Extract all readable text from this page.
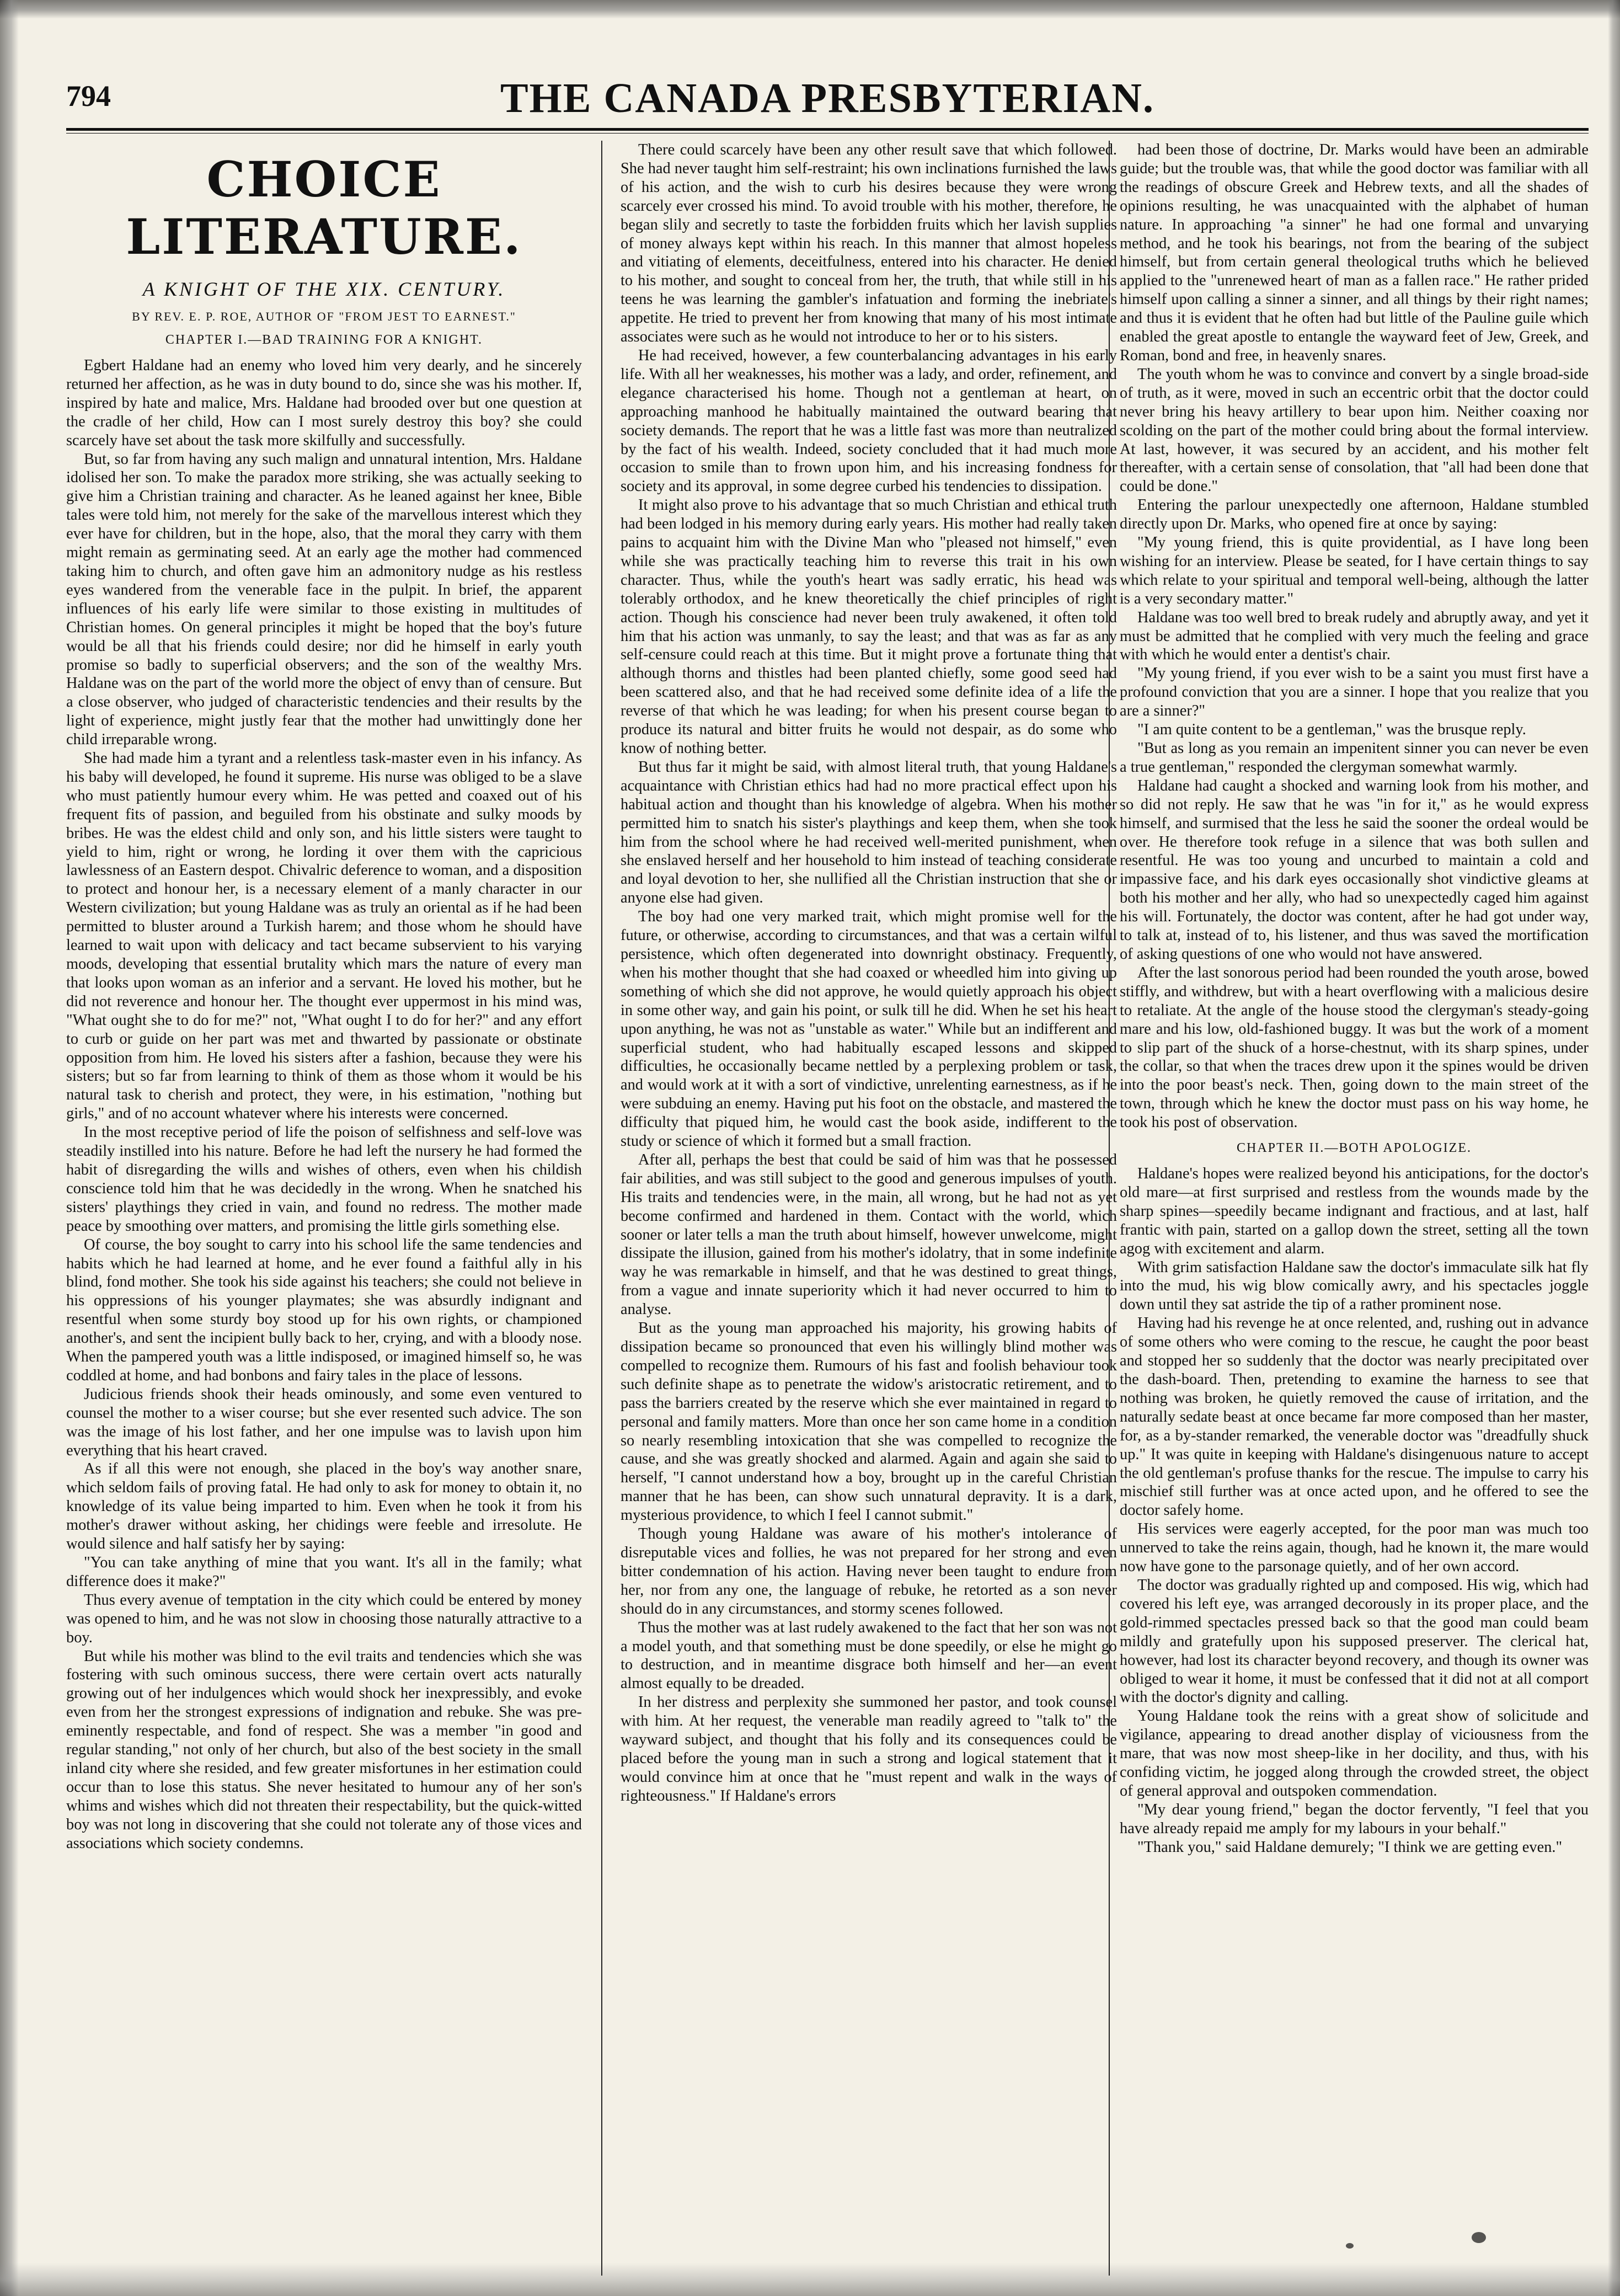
794	THE CANADA PRESBYTERIAN.
CHOICE LITERATURE.
A KNIGHT OF THE XIX. CENTURY.
BY REV. E. P. ROE, AUTHOR OF "FROM JEST TO EARNEST."
CHAPTER I.—BAD TRAINING FOR A KNIGHT.

Egbert Haldane had an enemy who loved him very dearly, and he sincerely returned her affection, as he was in duty bound to do, since she was his mother. If, inspired by hate and malice, Mrs. Haldane had brooded over but one question at the cradle of her child, How can I most surely destroy this boy? she could scarcely have set about the task more skilfully and successfully.

But, so far from having any such malign and unnatural intention, Mrs. Haldane idolised her son. To make the paradox more striking, she was actually seeking to give him a Christian training and character. As he leaned against her knee, Bible tales were told him, not merely for the sake of the marvellous interest which they ever have for children, but in the hope, also, that the moral they carry with them might remain as germinating seed. At an early age the mother had commenced taking him to church, and often gave him an admonitory nudge as his restless eyes wandered from the venerable face in the pulpit. In brief, the apparent influences of his early life were similar to those existing in multitudes of Christian homes. On general principles it might be hoped that the boy's future would be all that his friends could desire; nor did he himself in early youth promise so badly to superficial observers; and the son of the wealthy Mrs. Haldane was on the part of the world more the object of envy than of censure. But a close observer, who judged of characteristic tendencies and their results by the light of experience, might justly fear that the mother had unwittingly done her child irreparable wrong.

She had made him a tyrant and a relentless task-master even in his infancy. As his baby will developed, he found it supreme. His nurse was obliged to be a slave who must patiently humour every whim. He was petted and coaxed out of his frequent fits of passion, and beguiled from his obstinate and sulky moods by bribes. He was the eldest child and only son, and his little sisters were taught to yield to him, right or wrong, he lording it over them with the capricious lawlessness of an Eastern despot. Chivalric deference to woman, and a disposition to protect and honour her, is a necessary element of a manly character in our Western civilization; but young Haldane was as truly an oriental as if he had been permitted to bluster around a Turkish harem; and those whom he should have learned to wait upon with delicacy and tact became subservient to his varying moods, developing that essential brutality which mars the nature of every man that looks upon woman as an inferior and a servant. He loved his mother, but he did not reverence and honour her. The thought ever uppermost in his mind was, "What ought she to do for me?" not, "What ought I to do for her?" and any effort to curb or guide on her part was met and thwarted by passionate or obstinate opposition from him. He loved his sisters after a fashion, because they were his sisters; but so far from learning to think of them as those whom it would be his natural task to cherish and protect, they were, in his estimation, "nothing but girls," and of no account whatever where his interests were concerned.

In the most receptive period of life the poison of selfishness and self-love was steadily instilled into his nature. Before he had left the nursery he had formed the habit of disregarding the wills and wishes of others, even when his childish conscience told him that he was decidedly in the wrong. When he snatched his sisters' playthings they cried in vain, and found no redress. The mother made peace by smoothing over matters, and promising the little girls something else.

Of course, the boy sought to carry into his school life the same tendencies and habits which he had learned at home, and he ever found a faithful ally in his blind, fond mother. She took his side against his teachers; she could not believe in his oppressions of his younger playmates; she was absurdly indignant and resentful when some sturdy boy stood up for his own rights, or championed another's, and sent the incipient bully back to her, crying, and with a bloody nose. When the pampered youth was a little indisposed, or imagined himself so, he was coddled at home, and had bonbons and fairy tales in the place of lessons.

Judicious friends shook their heads ominously, and some even ventured to counsel the mother to a wiser course; but she ever resented such advice. The son was the image of his lost father, and her one impulse was to lavish upon him everything that his heart craved.

As if all this were not enough, she placed in the boy's way another snare, which seldom fails of proving fatal. He had only to ask for money to obtain it, no knowledge of its value being imparted to him. Even when he took it from his mother's drawer without asking, her chidings were feeble and irresolute. He would silence and half satisfy her by saying:

"You can take anything of mine that you want. It's all in the family; what difference does it make?"

Thus every avenue of temptation in the city which could be entered by money was opened to him, and he was not slow in choosing those naturally attractive to a boy.

But while his mother was blind to the evil traits and tendencies which she was fostering with such ominous success, there were certain overt acts naturally growing out of her indulgences which would shock her inexpressibly, and evoke even from her the strongest expressions of indignation and rebuke. She was pre-eminently respectable, and fond of respect. She was a member "in good and regular standing," not only of her church, but also of the best society in the small inland city where she resided, and few greater misfortunes in her estimation could occur than to lose this status. She never hesitated to humour any of her son's whims and wishes which did not threaten their respectability, but the quick-witted boy was not long in discovering that she could not tolerate any of those vices and associations which society condemns.

There could scarcely have been any other result save that which followed. She had never taught him self-restraint; his own inclinations furnished the laws of his action, and the wish to curb his desires because they were wrong scarcely ever crossed his mind. To avoid trouble with his mother, therefore, he began slily and secretly to taste the forbidden fruits which her lavish supplies of money always kept within his reach. In this manner that almost hopeless and vitiating of elements, deceitfulness, entered into his character. He denied to his mother, and sought to conceal from her, the truth, that while still in his teens he was learning the gambler's infatuation and forming the inebriate's appetite. He tried to prevent her from knowing that many of his most intimate associates were such as he would not introduce to her or to his sisters.

He had received, however, a few counterbalancing advantages in his early life. With all her weaknesses, his mother was a lady, and order, refinement, and elegance characterised his home. Though not a gentleman at heart, on approaching manhood he habitually maintained the outward bearing that society demands. The report that he was a little fast was more than neutralized by the fact of his wealth. Indeed, society concluded that it had much more occasion to smile than to frown upon him, and his increasing fondness for society and its approval, in some degree curbed his tendencies to dissipation.

It might also prove to his advantage that so much Christian and ethical truth had been lodged in his memory during early years. His mother had really taken pains to acquaint him with the Divine Man who "pleased not himself," even while she was practically teaching him to reverse this trait in his own character. Thus, while the youth's heart was sadly erratic, his head was tolerably orthodox, and he knew theoretically the chief principles of right action. Though his conscience had never been truly awakened, it often told him that his action was unmanly, to say the least; and that was as far as any self-censure could reach at this time. But it might prove a fortunate thing that although thorns and thistles had been planted chiefly, some good seed had been scattered also, and that he had received some definite idea of a life the reverse of that which he was leading; for when his present course began to produce its natural and bitter fruits he would not despair, as do some who know of nothing better.

But thus far it might be said, with almost literal truth, that young Haldane's acquaintance with Christian ethics had had no more practical effect upon his habitual action and thought than his knowledge of algebra. When his mother permitted him to snatch his sister's playthings and keep them, when she took him from the school where he had received well-merited punishment, when she enslaved herself and her household to him instead of teaching considerate and loyal devotion to her, she nullified all the Christian instruction that she or anyone else had given.

The boy had one very marked trait, which might promise well for the future, or otherwise, according to circumstances, and that was a certain wilful persistence, which often degenerated into downright obstinacy. Frequently, when his mother thought that she had coaxed or wheedled him into giving up something of which she did not approve, he would quietly approach his object in some other way, and gain his point, or sulk till he did. When he set his heart upon anything, he was not as "unstable as water." While but an indifferent and superficial student, who had habitually escaped lessons and skipped difficulties, he occasionally became nettled by a perplexing problem or task, and would work at it with a sort of vindictive, unrelenting earnestness, as if he were subduing an enemy. Having put his foot on the obstacle, and mastered the difficulty that piqued him, he would cast the book aside, indifferent to the study or science of which it formed but a small fraction.

After all, perhaps the best that could be said of him was that he possessed fair abilities, and was still subject to the good and generous impulses of youth. His traits and tendencies were, in the main, all wrong, but he had not as yet become confirmed and hardened in them. Contact with the world, which sooner or later tells a man the truth about himself, however unwelcome, might dissipate the illusion, gained from his mother's idolatry, that in some indefinite way he was remarkable in himself, and that he was destined to great things, from a vague and innate superiority which it had never occurred to him to analyse.

But as the young man approached his majority, his growing habits of dissipation became so pronounced that even his willingly blind mother was compelled to recognize them. Rumours of his fast and foolish behaviour took such definite shape as to penetrate the widow's aristocratic retirement, and to pass the barriers created by the reserve which she ever maintained in regard to personal and family matters. More than once her son came home in a condition so nearly resembling intoxication that she was compelled to recognize the cause, and she was greatly shocked and alarmed. Again and again she said to herself, "I cannot understand how a boy, brought up in the careful Christian manner that he has been, can show such unnatural depravity. It is a dark, mysterious providence, to which I feel I cannot submit."

Though young Haldane was aware of his mother's intolerance of disreputable vices and follies, he was not prepared for her strong and even bitter condemnation of his action. Having never been taught to endure from her, nor from any one, the language of rebuke, he retorted as a son never should do in any circumstances, and stormy scenes followed.

Thus the mother was at last rudely awakened to the fact that her son was not a model youth, and that something must be done speedily, or else he might go to destruction, and in meantime disgrace both himself and her—an event almost equally to be dreaded.

In her distress and perplexity she summoned her pastor, and took counsel with him. At her request, the venerable man readily agreed to "talk to" the wayward subject, and thought that his folly and its consequences could be placed before the young man in such a strong and logical statement that it would convince him at once that he "must repent and walk in the ways of righteousness." If Haldane's errors

had been those of doctrine, Dr. Marks would have been an admirable guide; but the trouble was, that while the good doctor was familiar with all the readings of obscure Greek and Hebrew texts, and all the shades of opinions resulting, he was unacquainted with the alphabet of human nature. In approaching "a sinner" he had one formal and unvarying method, and he took his bearings, not from the bearing of the subject himself, but from certain general theological truths which he believed applied to the "unrenewed heart of man as a fallen race." He rather prided himself upon calling a sinner a sinner, and all things by their right names; and thus it is evident that he often had but little of the Pauline guile which enabled the great apostle to entangle the wayward feet of Jew, Greek, and Roman, bond and free, in heavenly snares.

The youth whom he was to convince and convert by a single broad-side of truth, as it were, moved in such an eccentric orbit that the doctor could never bring his heavy artillery to bear upon him. Neither coaxing nor scolding on the part of the mother could bring about the formal interview. At last, however, it was secured by an accident, and his mother felt thereafter, with a certain sense of consolation, that "all had been done that could be done."

Entering the parlour unexpectedly one afternoon, Haldane stumbled directly upon Dr. Marks, who opened fire at once by saying:

"My young friend, this is quite providential, as I have long been wishing for an interview. Please be seated, for I have certain things to say which relate to your spiritual and temporal well-being, although the latter is a very secondary matter."

Haldane was too well bred to break rudely and abruptly away, and yet it must be admitted that he complied with very much the feeling and grace with which he would enter a dentist's chair.

"My young friend, if you ever wish to be a saint you must first have a profound conviction that you are a sinner. I hope that you realize that you are a sinner?"

"I am quite content to be a gentleman," was the brusque reply.

"But as long as you remain an impenitent sinner you can never be even a true gentleman," responded the clergyman somewhat warmly.

Haldane had caught a shocked and warning look from his mother, and so did not reply. He saw that he was "in for it," as he would express himself, and surmised that the less he said the sooner the ordeal would be over. He therefore took refuge in a silence that was both sullen and resentful. He was too young and uncurbed to maintain a cold and impassive face, and his dark eyes occasionally shot vindictive gleams at both his mother and her ally, who had so unexpectedly caged him against his will. Fortunately, the doctor was content, after he had got under way, to talk at, instead of to, his listener, and thus was saved the mortification of asking questions of one who would not have answered.

After the last sonorous period had been rounded the youth arose, bowed stiffly, and withdrew, but with a heart overflowing with a malicious desire to retaliate. At the angle of the house stood the clergyman's steady-going mare and his low, old-fashioned buggy. It was but the work of a moment to slip part of the shuck of a horse-chestnut, with its sharp spines, under the collar, so that when the traces drew upon it the spines would be driven into the poor beast's neck. Then, going down to the main street of the town, through which he knew the doctor must pass on his way home, he took his post of observation.

CHAPTER II.—BOTH APOLOGIZE.

Haldane's hopes were realized beyond his anticipations, for the doctor's old mare—at first surprised and restless from the wounds made by the sharp spines—speedily became indignant and fractious, and at last, half frantic with pain, started on a gallop down the street, setting all the town agog with excitement and alarm.

With grim satisfaction Haldane saw the doctor's immaculate silk hat fly into the mud, his wig blow comically awry, and his spectacles joggle down until they sat astride the tip of a rather prominent nose.

Having had his revenge he at once relented, and, rushing out in advance of some others who were coming to the rescue, he caught the poor beast and stopped her so suddenly that the doctor was nearly precipitated over the dash-board. Then, pretending to examine the harness to see that nothing was broken, he quietly removed the cause of irritation, and the naturally sedate beast at once became far more composed than her master, for, as a by-stander remarked, the venerable doctor was "dreadfully shuck up." It was quite in keeping with Haldane's disingenuous nature to accept the old gentleman's profuse thanks for the rescue. The impulse to carry his mischief still further was at once acted upon, and he offered to see the doctor safely home.

His services were eagerly accepted, for the poor man was much too unnerved to take the reins again, though, had he known it, the mare would now have gone to the parsonage quietly, and of her own accord.

The doctor was gradually righted up and composed. His wig, which had covered his left eye, was arranged decorously in its proper place, and the gold-rimmed spectacles pressed back so that the good man could beam mildly and gratefully upon his supposed preserver. The clerical hat, however, had lost its character beyond recovery, and though its owner was obliged to wear it home, it must be confessed that it did not at all comport with the doctor's dignity and calling.

Young Haldane took the reins with a great show of solicitude and vigilance, appearing to dread another display of viciousness from the mare, that was now most sheep-like in her docility, and thus, with his confiding victim, he jogged along through the crowded street, the object of general approval and outspoken commendation.

"My dear young friend," began the doctor fervently, "I feel that you have already repaid me amply for my labours in your behalf."

"Thank you," said Haldane demurely; "I think we are getting even."
